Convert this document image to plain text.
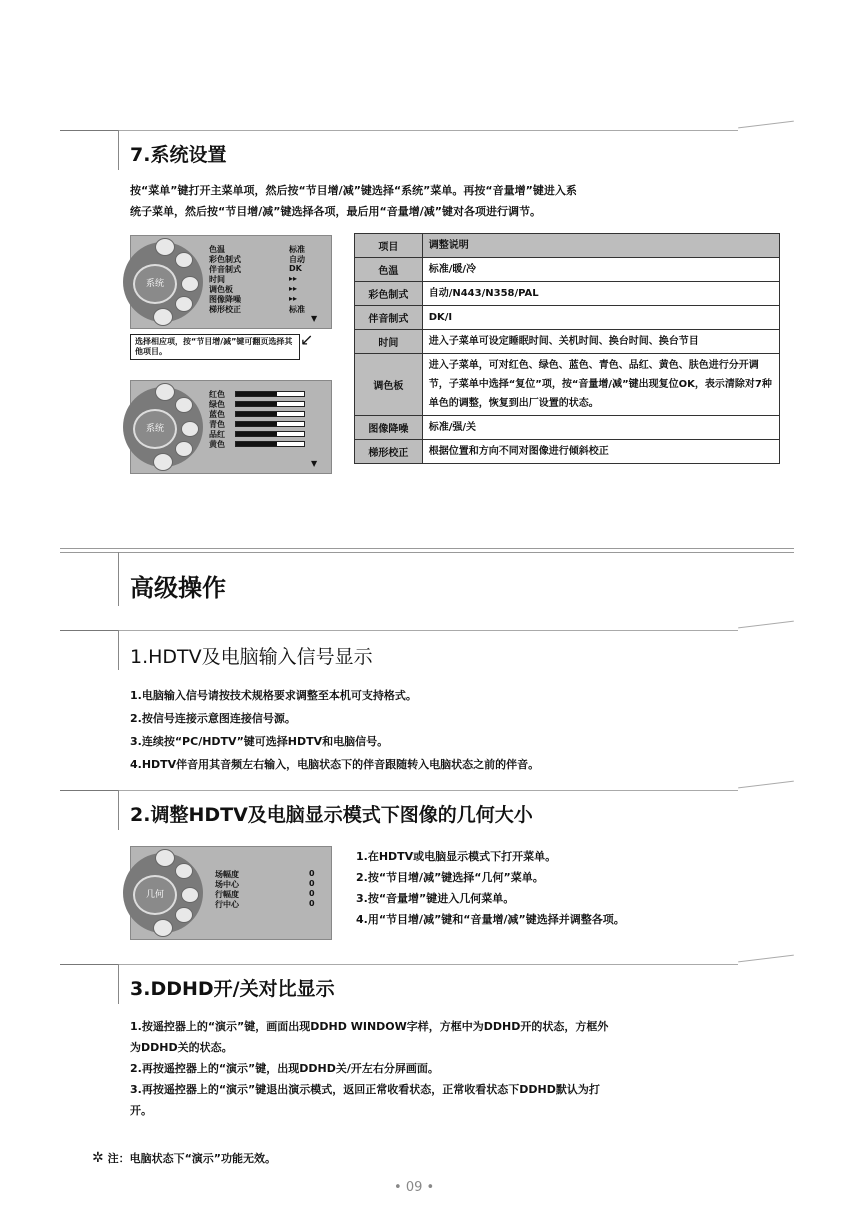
7.系统设置
按“菜单”键打开主菜单项，然后按“节目增/减”键选择“系统”菜单。再按“音量增”键进入系
统子菜单，然后按“节目增/减”键选择各项，最后用“音量增/减”键对各项进行调节。
系统
色温
彩色制式
伴音制式
时间
调色板
图像降噪
梯形校正
标准
自动
DK
▸▸
▸▸
▸▸
标准
▼
选择相应项，按“节目增/减”键可翻页选择其他项目。
↙
系统
红色
绿色
蓝色
青色
品红
黄色
▼
项目	调整说明
色温	标准/暖/冷
彩色制式	自动/N443/N358/PAL
伴音制式	DK/I
时间	进入子菜单可设定睡眠时间、关机时间、换台时间、换台节目
调色板	进入子菜单，可对红色、绿色、蓝色、青色、品红、黄色、肤色进行分开调节，子菜单中选择“复位”项，按“音量增/减”键出现复位OK，表示清除对7种单色的调整，恢复到出厂设置的状态。
图像降噪	标准/强/关
梯形校正	根据位置和方向不同对图像进行倾斜校正
高级操作
1.HDTV及电脑输入信号显示
1.电脑输入信号请按技术规格要求调整至本机可支持格式。
2.按信号连接示意图连接信号源。
3.连续按“PC/HDTV”键可选择HDTV和电脑信号。
4.HDTV伴音用其音频左右输入，电脑状态下的伴音跟随转入电脑状态之前的伴音。
2.调整HDTV及电脑显示模式下图像的几何大小
几何
场幅度
场中心
行幅度
行中心
0
0
0
0
1.在HDTV或电脑显示模式下打开菜单。
2.按“节目增/减”键选择“几何”菜单。
3.按“音量增”键进入几何菜单。
4.用“节目增/减”键和“音量增/减”键选择并调整各项。
3.DDHD开/关对比显示
1.按遥控器上的“演示”键，画面出现DDHD WINDOW字样，方框中为DDHD开的状态，方框外
为DDHD关的状态。
2.再按遥控器上的“演示”键，出现DDHD关/开左右分屏画面。
3.再按遥控器上的“演示”键退出演示模式，返回正常收看状态，正常收看状态下DDHD默认为打
开。
✲ 注：电脑状态下“演示”功能无效。
• 09 •
